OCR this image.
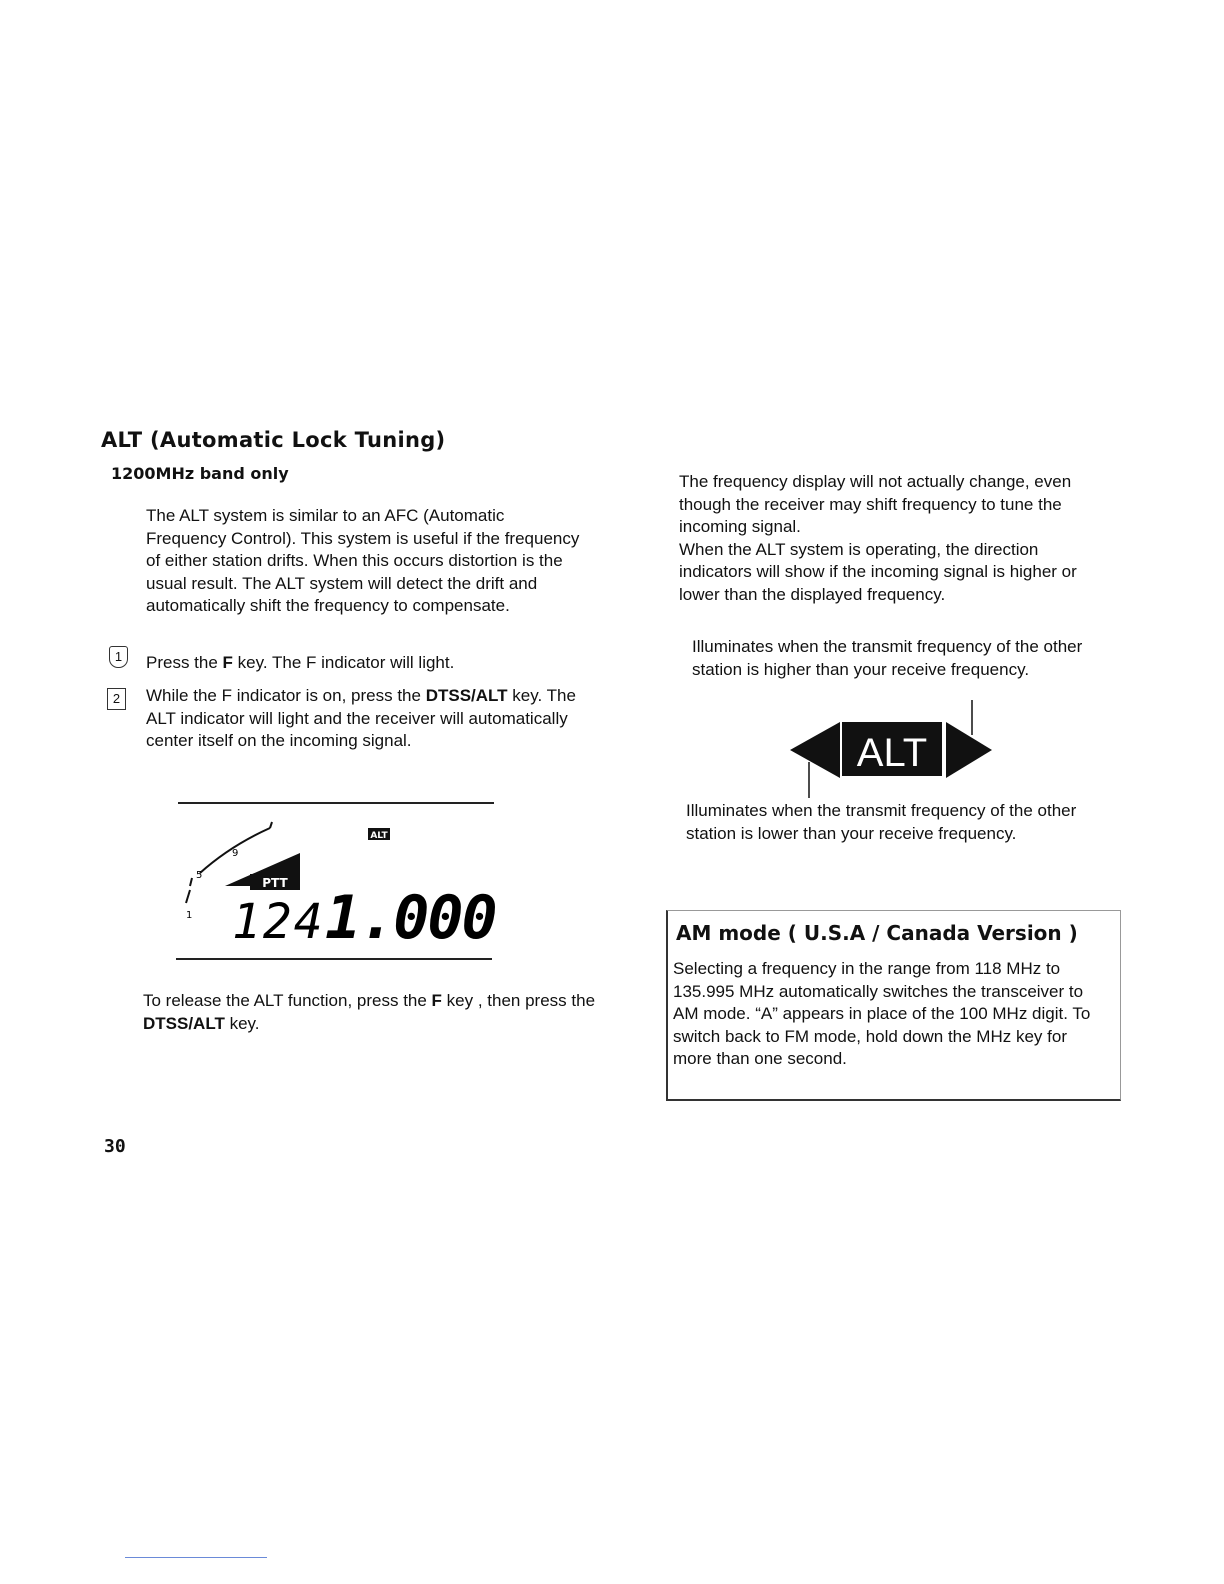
ALT (Automatic Lock Tuning)
1200MHz band only
The ALT system is similar to an AFC (Automatic Frequency Control). This system is useful if the frequency of either station drifts. When this occurs distortion is the usual result. The ALT system will detect the drift and automatically shift the frequency to compensate.
1	Press the F key. The F indicator will light.
2	While the F indicator is on, press the DTSS/ALT key. The ALT indicator will light and the receiver will automatically center itself on the incoming signal.
1
5
9
ALT
PTT
124 1.000
To release the ALT function, press the F key , then press the DTSS/ALT key.
The frequency display will not actually change, even though the receiver may shift frequency to tune the incoming signal.
When the ALT system is operating, the direction indicators will show if the incoming signal is higher or lower than the displayed frequency.
Illuminates when the transmit frequency of the other station is higher than your receive frequency.
ALT
Illuminates when the transmit frequency of the other station is lower than your receive frequency.
AM mode ( U.S.A / Canada Version )
Selecting a frequency in the range from 118 MHz to 135.995 MHz automatically switches the transceiver to AM mode. “A” appears in place of the 100 MHz digit. To switch back to FM mode, hold down the MHz key for more than one second.
30
